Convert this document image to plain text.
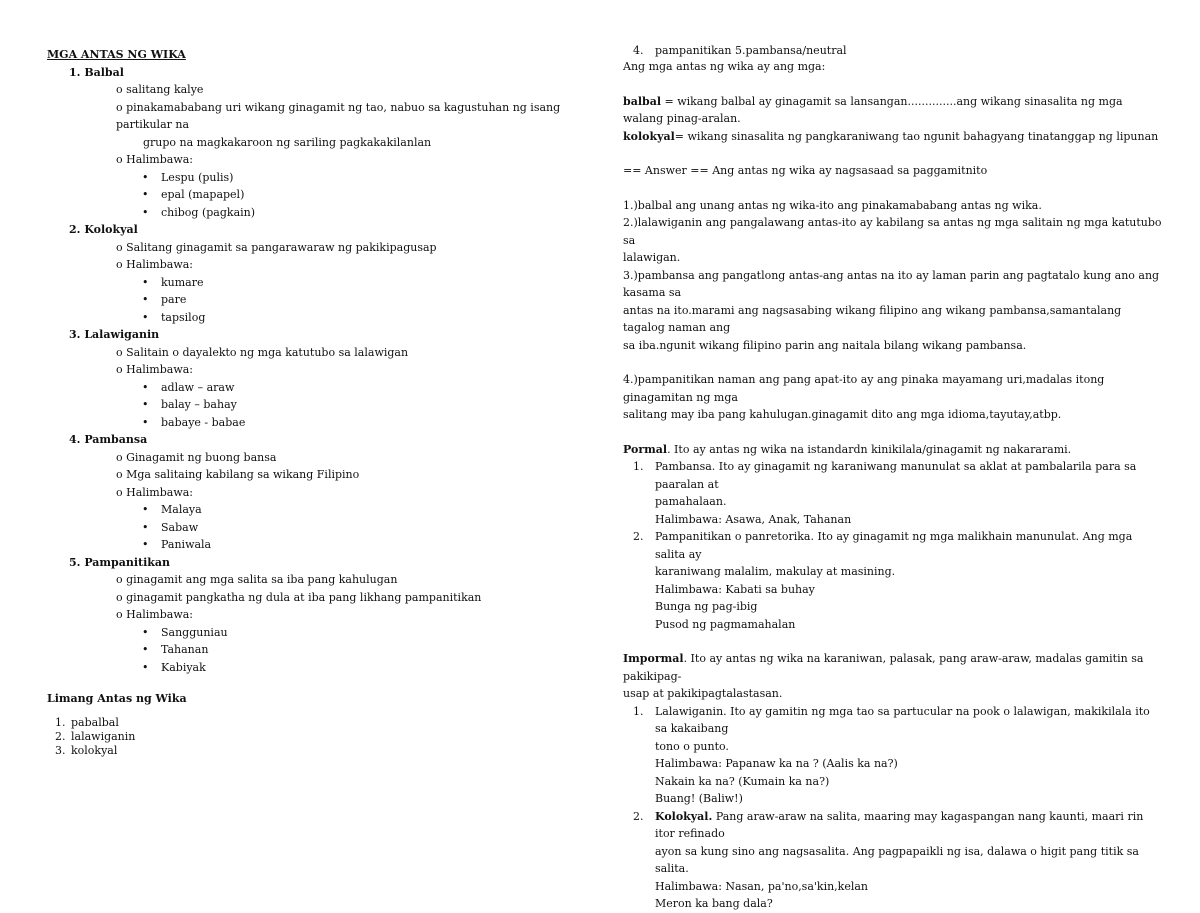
MGA ANTAS NG WIKA
1. Balbal
o salitang kalye
o pinakamababang uri wikang ginagamit ng tao, nabuo sa kagustuhan ng isang partikular na
grupo na magkakaroon ng sariling pagkakakilanlan
o Halimbawa:
• Lespu (pulis)
• epal (mapapel)
• chibog (pagkain)
2. Kolokyal
o Salitang ginagamit sa pangarawaraw ng pakikipagusap
o Halimbawa:
• kumare
• pare
• tapsilog
3. Lalawiganin
o Salitain o dayalekto ng mga katutubo sa lalawigan
o Halimbawa:
• adlaw – araw
• balay – bahay
• babaye - babae
4. Pambansa
o Ginagamit ng buong bansa
o Mga salitaing kabilang sa wikang Filipino
o Halimbawa:
• Malaya
• Sabaw
• Paniwala
5. Pampanitikan
o ginagamit ang mga salita sa iba pang kahulugan
o ginagamit pangkatha ng dula at iba pang likhang pampanitikan
o Halimbawa:
• Sangguniau
• Tahanan
• Kabiyak
Limang Antas ng Wika
1. pabalbal
2. lalawiganin
3. kolokyal
4. pampanitikan 5.pambansa/neutral
Ang mga antas ng wika ay ang mga:
balbal = wikang balbal ay ginagamit sa lansangan..............ang wikang sinasalita ng mga walang pinag-aralan.
kolokyal= wikang sinasalita ng pangkaraniwang tao ngunit bahagyang tinatanggap ng lipunan
== Answer == Ang antas ng wika ay nagsasaad sa paggamitnito
1.)balbal ang unang antas ng wika-ito ang pinakamababang antas ng wika.
2.)lalawiganin ang pangalawang antas-ito ay kabilang sa antas ng mga salitain ng mga katutubo sa
lalawigan.
3.)pambansa ang pangatlong antas-ang antas na ito ay laman parin ang pagtatalo kung ano ang kasama sa
antas na ito.marami ang nagsasabing wikang filipino ang wikang pambansa,samantalang tagalog naman ang
sa iba.ngunit wikang filipino parin ang naitala bilang wikang pambansa.
4.)pampanitikan naman ang pang apat-ito ay ang pinaka mayamang uri,madalas itong ginagamitan ng mga
salitang may iba pang kahulugan.ginagamit dito ang mga idioma,tayutay,atbp.
Pormal. Ito ay antas ng wika na istandardn kinikilala/ginagamit ng nakararami.
1. Pambansa. Ito ay ginagamit ng karaniwang manunulat sa aklat at pambalarila para sa paaralan at
pamahalaan.
Halimbawa: Asawa, Anak, Tahanan
2. Pampanitikan o panretorika. Ito ay ginagamit ng mga malikhain manunulat. Ang mga salita ay
karaniwang malalim, makulay at masining.
Halimbawa: Kabati sa buhay
Bunga ng pag-ibig
Pusod ng pagmamahalan
Impormal. Ito ay antas ng wika na karaniwan, palasak, pang araw-araw, madalas gamitin sa pakikipag-
usap at pakikipagtalastasan.
1. Lalawiganin. Ito ay gamitin ng mga tao sa partucular na pook o lalawigan, makikilala ito sa kakaibang
tono o punto.
Halimbawa: Papanaw ka na ? (Aalis ka na?)
Nakain ka na? (Kumain ka na?)
Buang! (Baliw!)
2. Kolokyal. Pang araw-araw na salita, maaring may kagaspangan nang kaunti, maari rin itor refinado
ayon sa kung sino ang nagsasalita. Ang pagpapaikli ng isa, dalawa o higit pang titik sa salita.
Halimbawa: Nasan, pa'no,sa'kin,kelan
Meron ka bang dala?
